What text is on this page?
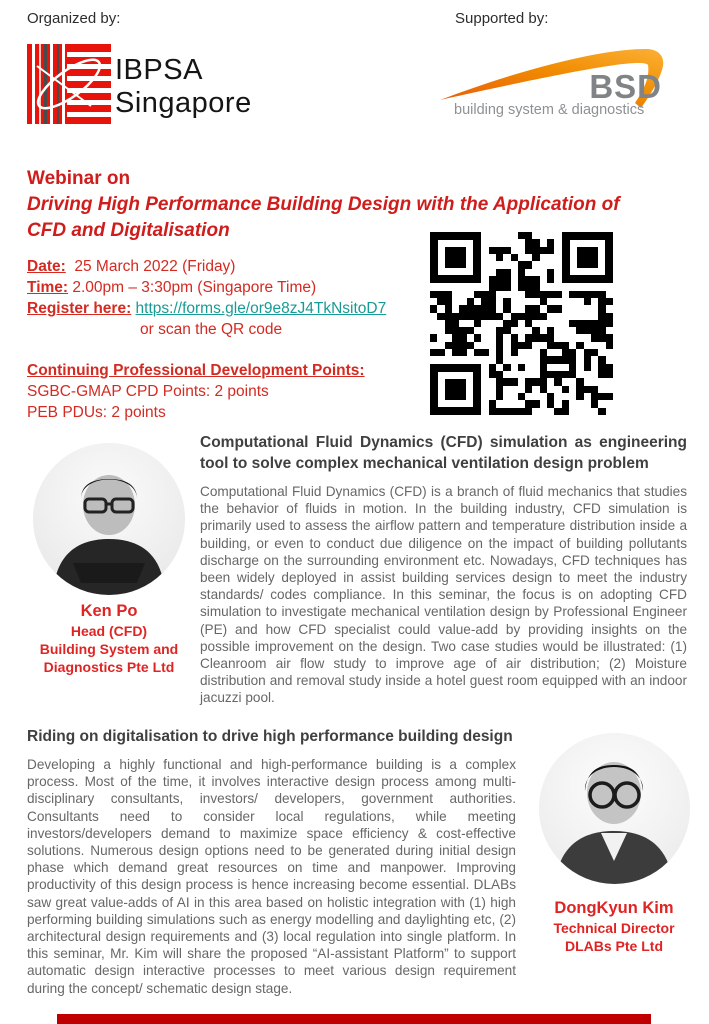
Organized by:	Supported by:
IBPSA
Singapore	BSD
building system & diagnostics
Webinar on
Driving High Performance Building Design with the Application of
CFD and Digitalisation
Date:  25 March 2022 (Friday)
Time: 2.00pm – 3:30pm (Singapore Time)
Register here: https://forms.gle/or9e8zJ4TkNsitoD7
or scan the QR code
Continuing Professional Development Points:
SGBC-GMAP CPD Points: 2 points
PEB PDUs: 2 points
Ken Po
Head (CFD)
Building System and
Diagnostics Pte Ltd
Computational Fluid Dynamics (CFD) simulation as engineering tool to solve complex mechanical ventilation design problem
Computational Fluid Dynamics (CFD) is a branch of fluid mechanics that studies the behavior of fluids in motion. In the building industry, CFD simulation is primarily used to assess the airflow pattern and temperature distribution inside a building, or even to conduct due diligence on the impact of building pollutants discharge on the surrounding environment etc. Nowadays, CFD techniques has been widely deployed in assist building services design to meet the industry standards/ codes compliance. In this seminar, the focus is on adopting CFD simulation to investigate mechanical ventilation design by Professional Engineer (PE) and how CFD specialist could value-add by providing insights on the possible improvement on the design. Two case studies would be illustrated: (1) Cleanroom air flow study to improve age of air distribution; (2) Moisture distribution and removal study inside a hotel guest room equipped with an indoor jacuzzi pool.
Riding on digitalisation to drive high performance building design
Developing a highly functional and high-performance building is a complex process. Most of the time, it involves interactive design process among multi-disciplinary consultants, investors/ developers, government authorities. Consultants need to consider local regulations, while meeting investors/developers demand to maximize space efficiency & cost-effective solutions. Numerous design options need to be generated during initial design phase which demand great resources on time and manpower. Improving productivity of this design process is hence increasing become essential. DLABs saw great value-adds of AI in this area based on holistic integration with (1) high performing building simulations such as energy modelling and daylighting etc, (2) architectural design requirements and (3) local regulation into single platform. In this seminar, Mr. Kim will share the proposed “AI-assistant Platform” to support automatic design interactive processes to meet various design requirement during the concept/ schematic design stage.
DongKyun Kim
Technical Director
DLABs Pte Ltd
